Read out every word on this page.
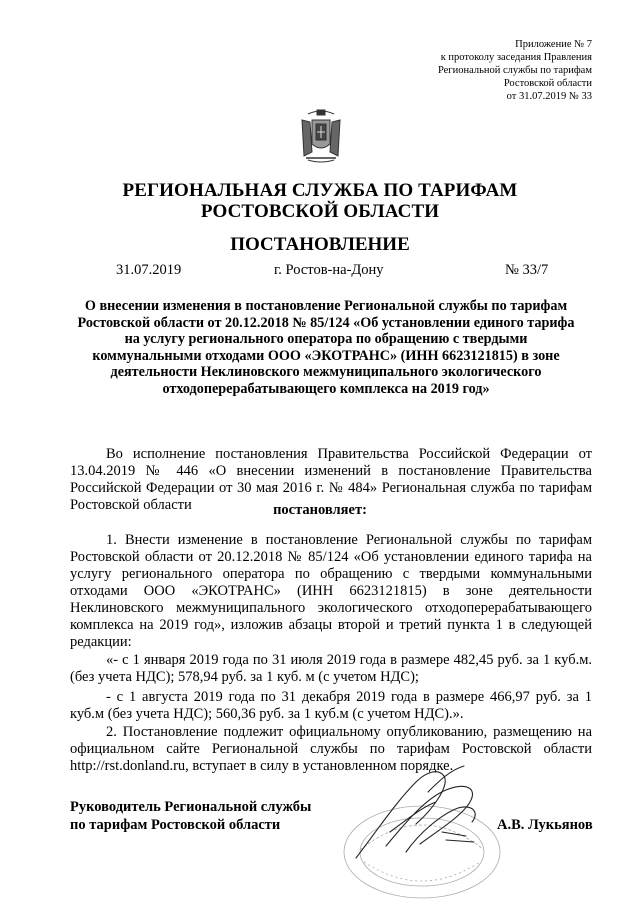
Приложение № 7
к протоколу заседания Правления
Региональной службы по тарифам
Ростовской области
от 31.07.2019 № 33
РЕГИОНАЛЬНАЯ СЛУЖБА ПО ТАРИФАМ
РОСТОВСКОЙ ОБЛАСТИ
ПОСТАНОВЛЕНИЕ
31.07.2019	г. Ростов-на-Дону	№ 33/7
О внесении изменения в постановление Региональной службы по тарифам Ростовской области от 20.12.2018 № 85/124 «Об установлении единого тарифа на услугу регионального оператора по обращению с твердыми коммунальными отходами ООО «ЭКОТРАНС» (ИНН 6623121815) в зоне деятельности Неклиновского межмуниципального экологического отходоперерабатывающего комплекса на 2019 год»
Во исполнение постановления Правительства Российской Федерации от 13.04.2019 № 446 «О внесении изменений в постановление Правительства Российской Федерации от 30 мая 2016 г. № 484» Региональная служба по тарифам Ростовской области	постановляет:
1. Внести изменение в постановление Региональной службы по тарифам Ростовской области от 20.12.2018 № 85/124 «Об установлении единого тарифа на услугу регионального оператора по обращению с твердыми коммунальными отходами ООО «ЭКОТРАНС» (ИНН 6623121815) в зоне деятельности Неклиновского межмуниципального экологического отходоперерабатывающего комплекса на 2019 год», изложив абзацы второй и третий пункта 1 в следующей редакции:
«- с 1 января 2019 года по 31 июля 2019 года в размере 482,45 руб. за 1 куб.м. (без учета НДС); 578,94 руб. за 1 куб. м (с учетом НДС);
- с 1 августа 2019 года по 31 декабря 2019 года в размере 466,97 руб. за 1 куб.м (без учета НДС); 560,36 руб. за 1 куб.м (с учетом НДС).».
2. Постановление подлежит официальному опубликованию, размещению на официальном сайте Региональной службы по тарифам Ростовской области http://rst.donland.ru, вступает в силу в установленном порядке.
Руководитель Региональной службы
по тарифам Ростовской области	А.В. Лукьянов
